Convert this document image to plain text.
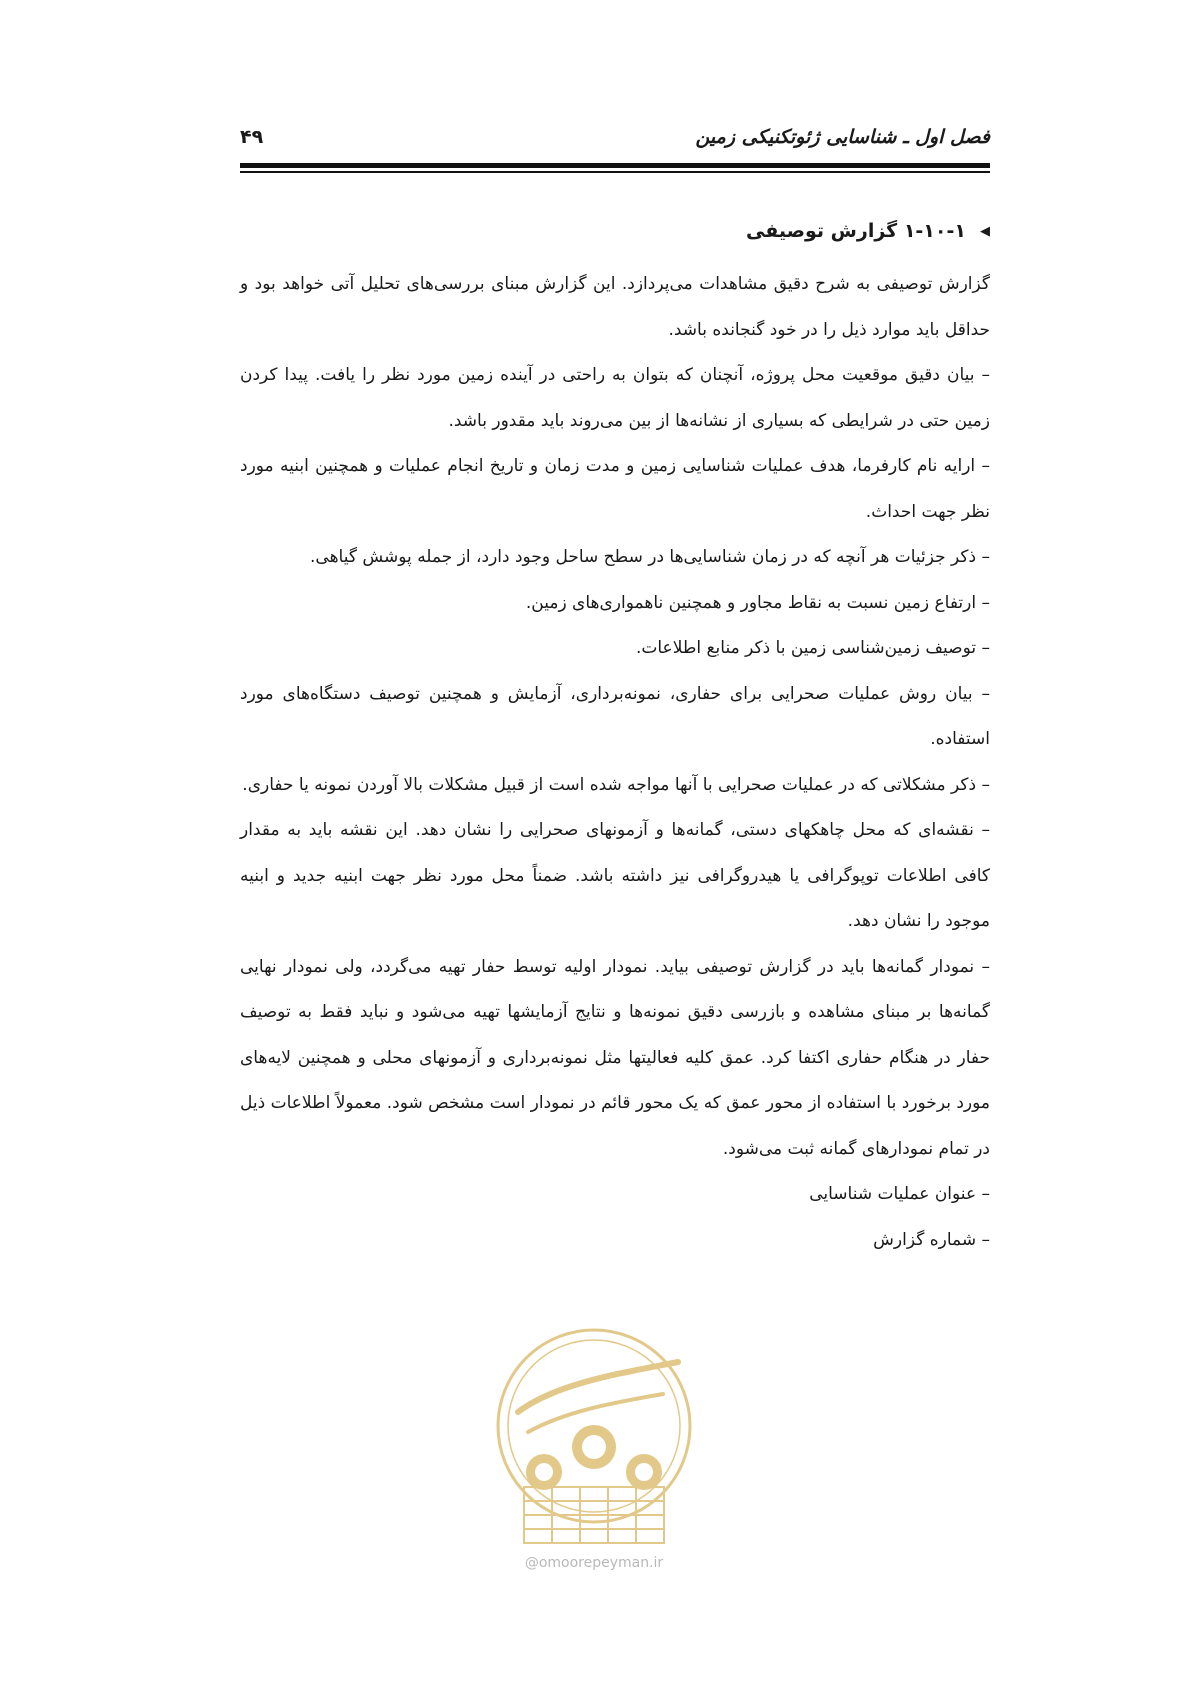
فصل اول ـ شناسایی ژئوتکنیکی زمین
۴۹
◀۱-۱۰-۱ گزارش توصیفی

گزارش توصیفی به شرح دقیق مشاهدات می‌پردازد. این گزارش مبنای بررسی‌های تحلیل آتی خواهد بود و حداقل باید موارد ذیل را در خود گنجانده باشد.

– بیان دقیق موقعیت محل پروژه، آنچنان که بتوان به راحتی در آینده زمین مورد نظر را یافت. پیدا کردن زمین حتی در شرایطی که بسیاری از نشانه‌ها از بین می‌روند باید مقدور باشد.

– ارایه نام کارفرما، هدف عملیات شناسایی زمین و مدت زمان و تاریخ انجام عملیات و همچنین ابنیه مورد نظر جهت احداث.

– ذکر جزئیات هر آنچه که در زمان شناسایی‌ها در سطح ساحل وجود دارد، از جمله پوشش گیاهی.

– ارتفاع زمین نسبت به نقاط مجاور و همچنین ناهمواری‌های زمین.

– توصیف زمین‌شناسی زمین با ذکر منابع اطلاعات.

– بیان روش عملیات صحرایی برای حفاری، نمونه‌برداری، آزمایش و همچنین توصیف دستگاه‌های مورد استفاده.

– ذکر مشکلاتی که در عملیات صحرایی با آنها مواجه شده است از قبیل مشکلات بالا آوردن نمونه یا حفاری.

– نقشه‌ای که محل چاهکهای دستی، گمانه‌ها و آزمونهای صحرایی را نشان دهد. این نقشه باید به مقدار کافی اطلاعات توپوگرافی یا هیدروگرافی نیز داشته باشد. ضمناً محل مورد نظر جهت ابنیه جدید و ابنیه موجود را نشان دهد.

– نمودار گمانه‌ها باید در گزارش توصیفی بیاید. نمودار اولیه توسط حفار تهیه می‌گردد، ولی نمودار نهایی گمانه‌ها بر مبنای مشاهده و بازرسی دقیق نمونه‌ها و نتایج آزمایشها تهیه می‌شود و نباید فقط به توصیف حفار در هنگام حفاری اکتفا کرد. عمق کلیه فعالیتها مثل نمونه‌برداری و آزمونهای محلی و همچنین لایه‌های مورد برخورد با استفاده از محور عمق که یک محور قائم در نمودار است مشخص شود. معمولاً اطلاعات ذیل در تمام نمودارهای گمانه ثبت می‌شود.

– عنوان عملیات شناسایی

– شماره گزارش

@omoorepeyman.ir
